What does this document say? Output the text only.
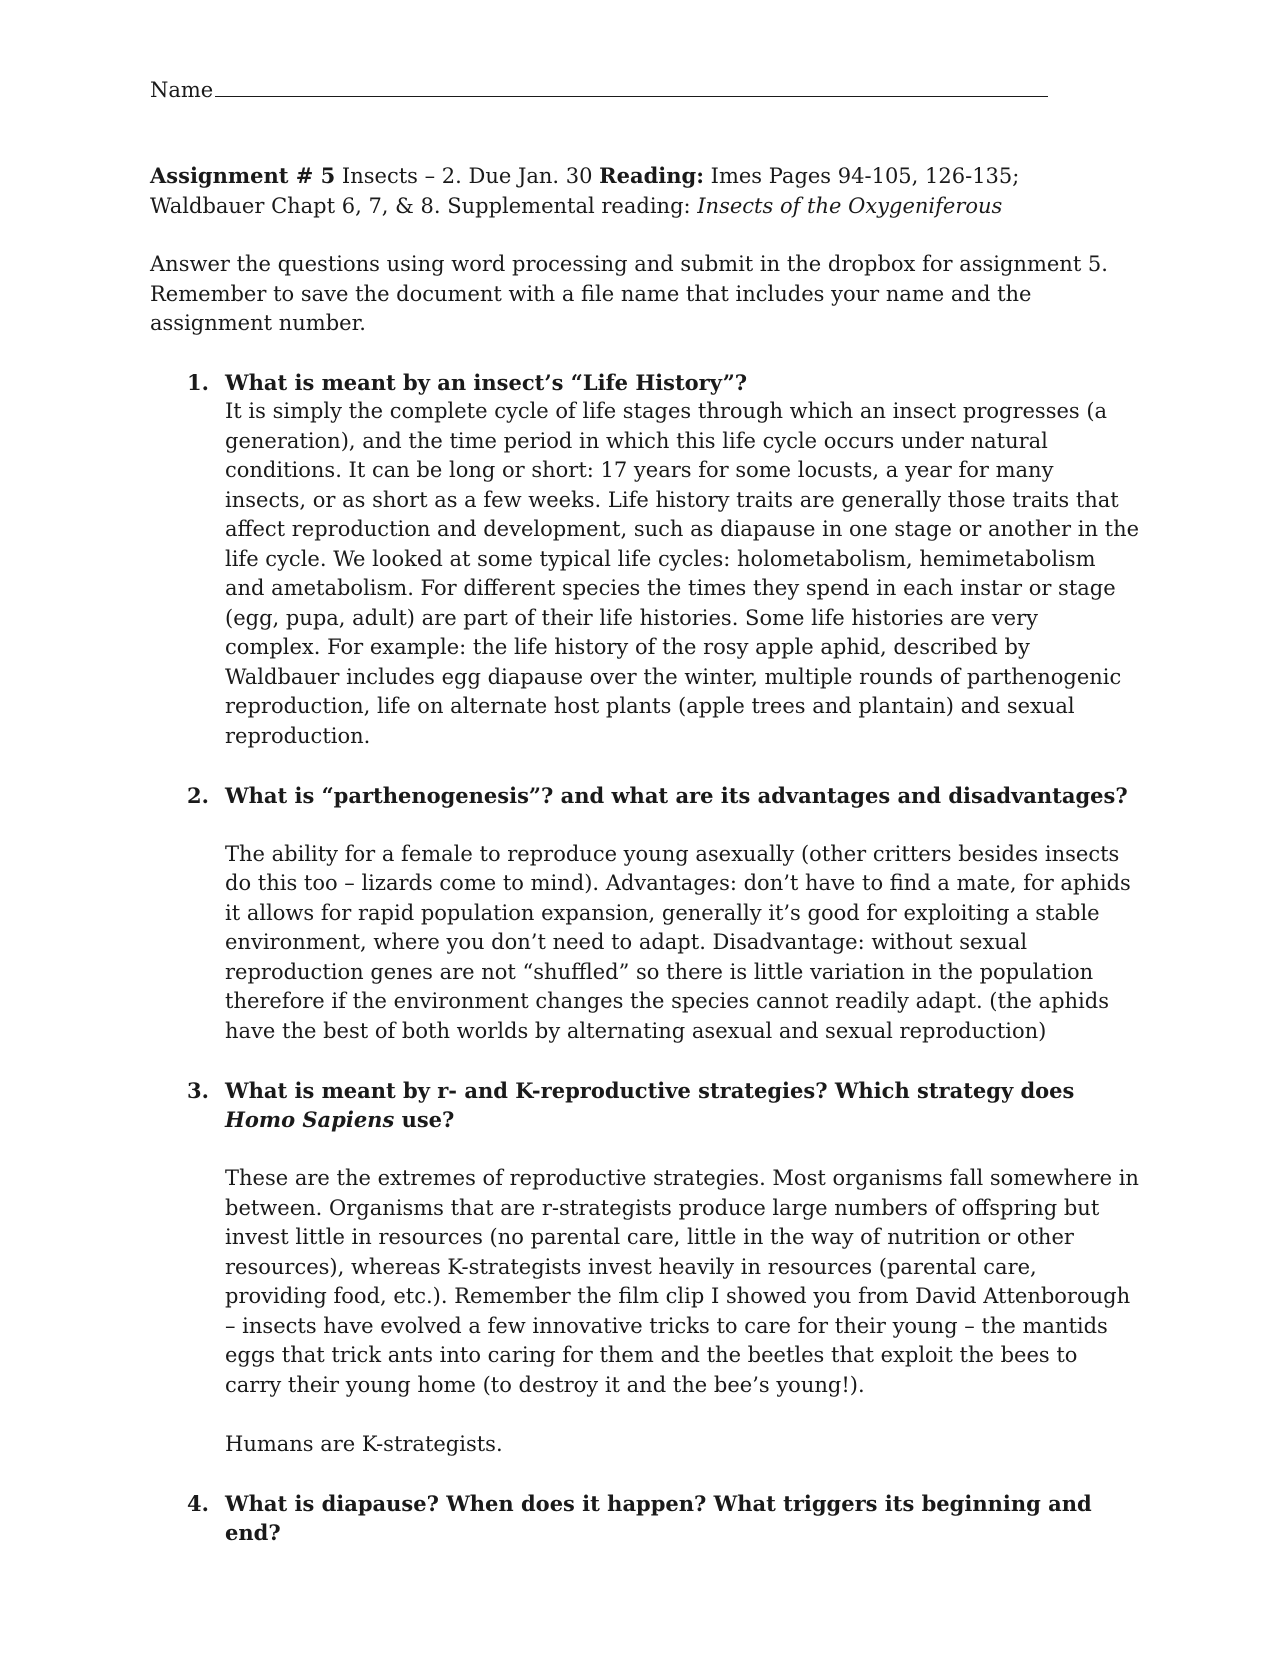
Name
Assignment # 5 Insects – 2. Due Jan. 30 Reading: Imes Pages 94-105, 126-135;
Waldbauer Chapt 6, 7, & 8. Supplemental reading: Insects of the Oxygeniferous
Answer the questions using word processing and submit in the dropbox for assignment 5. Remember to save the document with a file name that includes your name and the assignment number.
1. What is meant by an insect’s “Life History”?
It is simply the complete cycle of life stages through which an insect progresses (a generation), and the time period in which this life cycle occurs under natural conditions. It can be long or short: 17 years for some locusts, a year for many insects, or as short as a few weeks. Life history traits are generally those traits that affect reproduction and development, such as diapause in one stage or another in the life cycle. We looked at some typical life cycles: holometabolism, hemimetabolism and ametabolism. For different species the times they spend in each instar or stage (egg, pupa, adult) are part of their life histories. Some life histories are very complex. For example: the life history of the rosy apple aphid, described by Waldbauer includes egg diapause over the winter, multiple rounds of parthenogenic reproduction, life on alternate host plants (apple trees and plantain) and sexual reproduction.
2. What is “parthenogenesis”? and what are its advantages and disadvantages?
The ability for a female to reproduce young asexually (other critters besides insects do this too – lizards come to mind). Advantages: don’t have to find a mate, for aphids it allows for rapid population expansion, generally it’s good for exploiting a stable environment, where you don’t need to adapt. Disadvantage: without sexual reproduction genes are not “shuffled” so there is little variation in the population therefore if the environment changes the species cannot readily adapt. (the aphids have the best of both worlds by alternating asexual and sexual reproduction)
3. What is meant by r- and K-reproductive strategies? Which strategy does Homo Sapiens use?
These are the extremes of reproductive strategies. Most organisms fall somewhere in between. Organisms that are r-strategists produce large numbers of offspring but invest little in resources (no parental care, little in the way of nutrition or other resources), whereas K-strategists invest heavily in resources (parental care, providing food, etc.). Remember the film clip I showed you from David Attenborough – insects have evolved a few innovative tricks to care for their young – the mantids eggs that trick ants into caring for them and the beetles that exploit the bees to carry their young home (to destroy it and the bee’s young!).
Humans are K-strategists.
4. What is diapause? When does it happen? What triggers its beginning and end?
